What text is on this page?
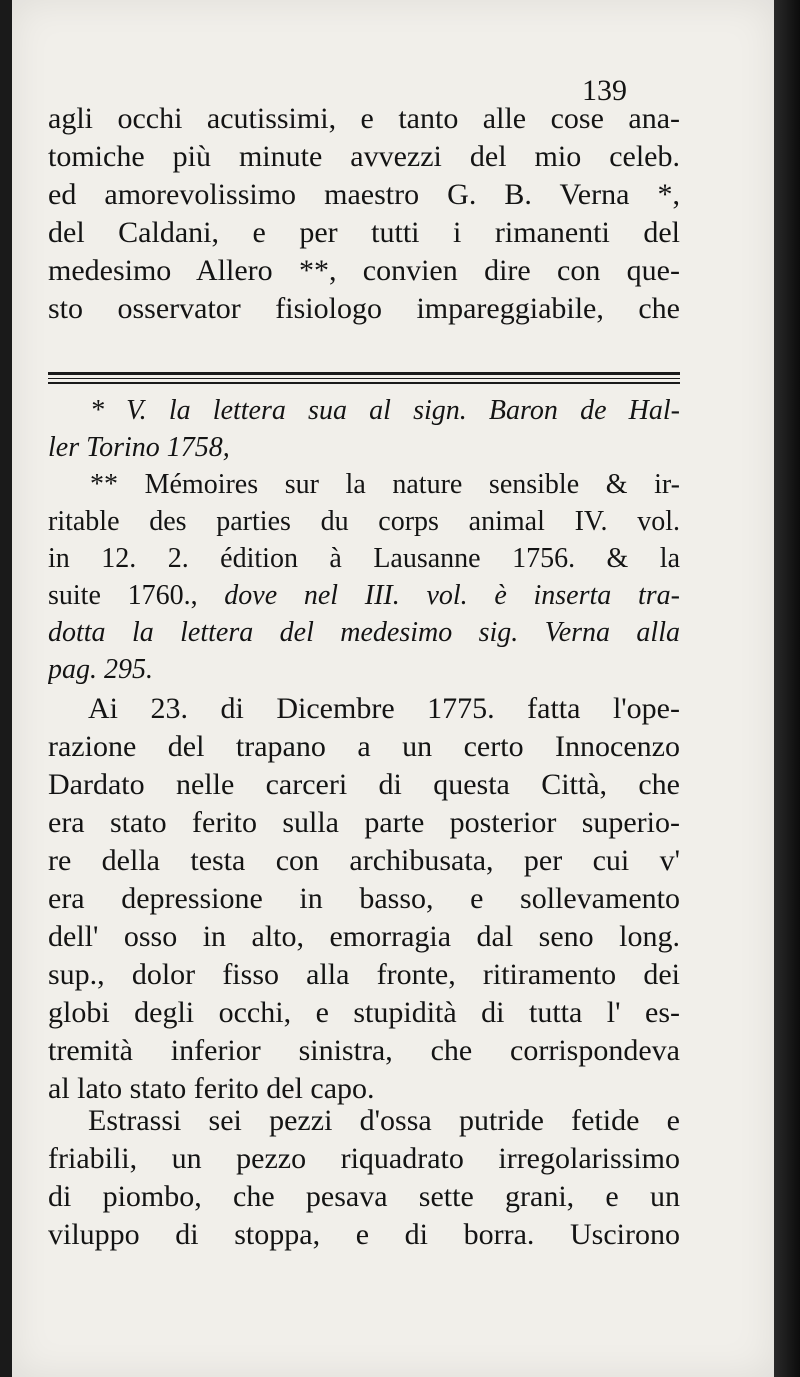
139
agli occhi acutissimi, e tanto alle cose ana-
tomiche più minute avvezzi del mio celeb.
ed amorevolissimo maestro G. B. Verna *,
del Caldani, e per tutti i rimanenti del
medesimo Allero **, convien dire con que-
sto osservator fisiologo impareggiabile, che
* V. la lettera sua al sign. Baron de Hal-
ler Torino 1758,
** Mémoires sur la nature sensible & ir-
ritable des parties du corps animal IV. vol.
in 12. 2. édition à Lausanne 1756. & la
suite 1760., dove nel III. vol. è inserta tra-
dotta la lettera del medesimo sig. Verna alla
pag. 295.
Ai 23. di Dicembre 1775. fatta l'ope-
razione del trapano a un certo Innocenzo
Dardato nelle carceri di questa Città, che
era stato ferito sulla parte posterior superio-
re della testa con archibusata, per cui v'
era depressione in basso, e sollevamento
dell' osso in alto, emorragia dal seno long.
sup., dolor fisso alla fronte, ritiramento dei
globi degli occhi, e stupidità di tutta l' es-
tremità inferior sinistra, che corrispondeva
al lato stato ferito del capo.
Estrassi sei pezzi d'ossa putride fetide e
friabili, un pezzo riquadrato irregolarissimo
di piombo, che pesava sette grani, e un
viluppo di stoppa, e di borra. Uscirono
